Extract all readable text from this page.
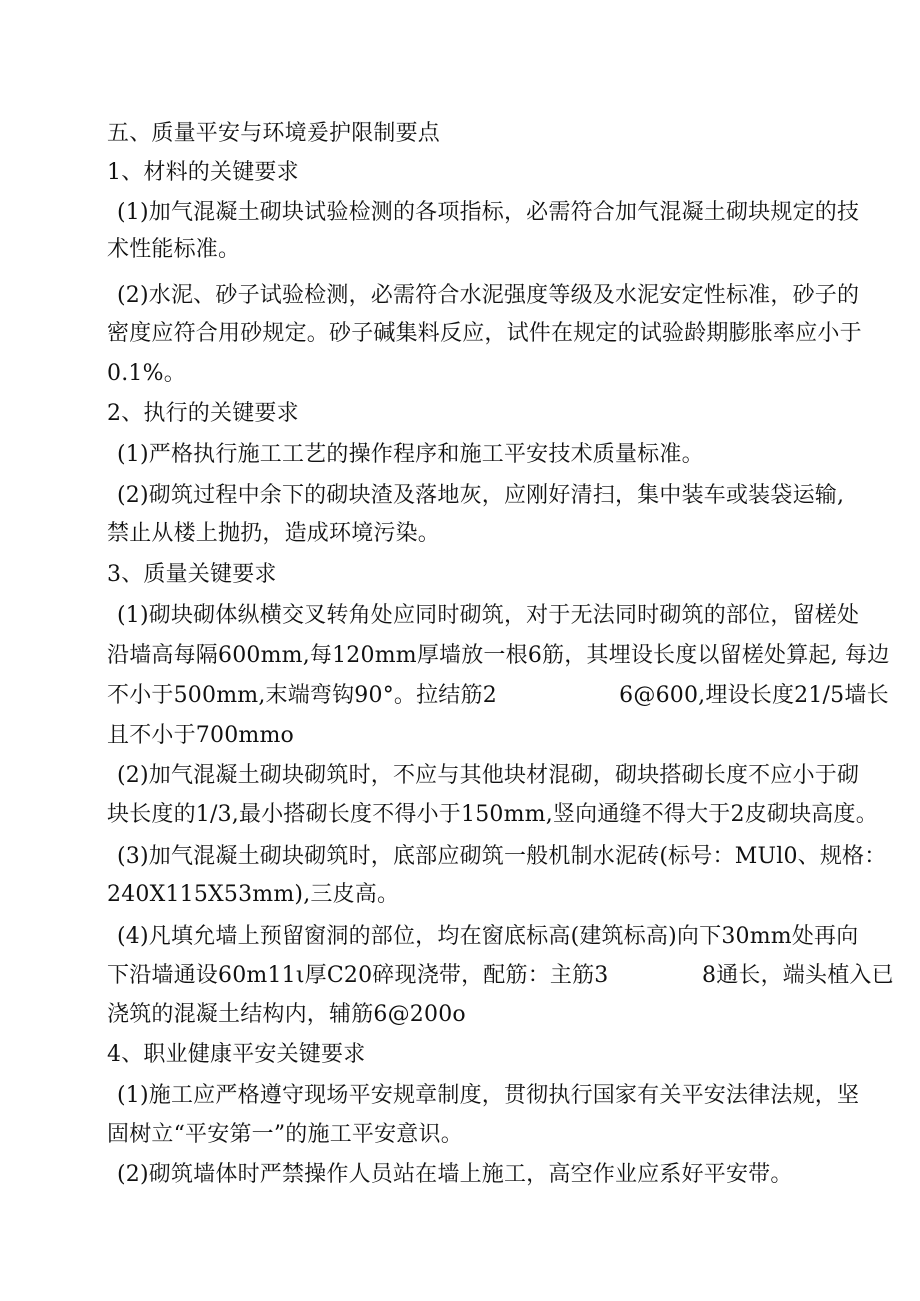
五、质量平安与环境爰护限制要点
1、材料的关键要求
(1)加气混凝土砌块试验检测的各项指标，必需符合加气混凝土砌块规定的技
术性能标准。
(2)水泥、砂子试验检测，必需符合水泥强度等级及水泥安定性标准，砂子的
密度应符合用砂规定。砂子碱集料反应，试件在规定的试验龄期膨胀率应小于
0.1%。
2、执行的关键要求
(1)严格执行施工工艺的操作程序和施工平安技术质量标准。
(2)砌筑过程中余下的砌块渣及落地灰，应刚好清扫，集中装车或装袋运输,
禁止从楼上抛扔，造成环境污染。
3、质量关键要求
(1)砌块砌体纵横交叉转角处应同时砌筑，对于无法同时砌筑的部位，留槎处
沿墙高每隔600mm,每120mm厚墙放一根6筋，其埋设长度以留槎处算起, 每边
不小于500mm,末端弯钩90°。拉结筋2                 6@600,埋设长度21/5墙长
且不小于700mmo
(2)加气混凝土砌块砌筑时，不应与其他块材混砌，砌块搭砌长度不应小于砌
块长度的1/3,最小搭砌长度不得小于150mm,竖向通缝不得大于2皮砌块高度。
(3)加气混凝土砌块砌筑时，底部应砌筑一般机制水泥砖(标号：MUl0、规格：
240X115X53mm),三皮高。
(4)凡填允墙上预留窗洞的部位，均在窗底标高(建筑标高)向下30mm处再向
下沿墙通设60m11ι厚C20碎现浇带，配筋：主筋3             8通长，端头植入已
浇筑的混凝土结构内，辅筋6@200o
4、职业健康平安关键要求
(1)施工应严格遵守现场平安规章制度，贯彻执行国家有关平安法律法规，坚
固树立“平安第一”的施工平安意识。
(2)砌筑墙体时严禁操作人员站在墙上施工，高空作业应系好平安带。
